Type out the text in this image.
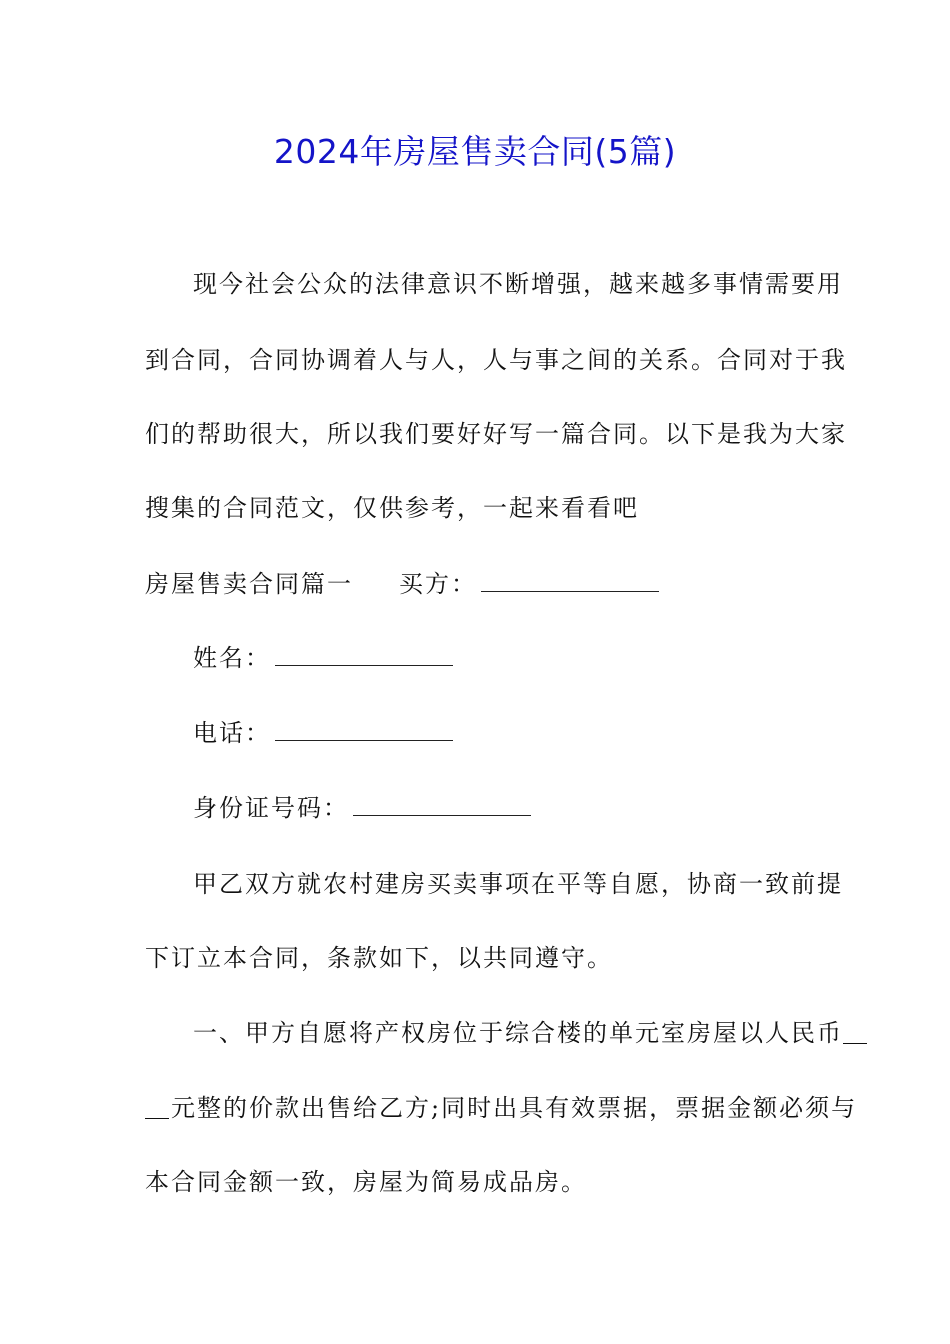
2024年房屋售卖合同(5篇)
现今社会公众的法律意识不断增强，越来越多事情需要用
到合同，合同协调着人与人，人与事之间的关系。合同对于我
们的帮助很大，所以我们要好好写一篇合同。以下是我为大家
搜集的合同范文，仅供参考，一起来看看吧
房屋售卖合同篇一 买方：
姓名：
电话：
身份证号码：
甲乙双方就农村建房买卖事项在平等自愿，协商一致前提
下订立本合同，条款如下，以共同遵守。
一、甲方自愿将产权房位于综合楼的单元室房屋以人民币＿
＿元整的价款出售给乙方;同时出具有效票据，票据金额必须与
本合同金额一致，房屋为简易成品房。
